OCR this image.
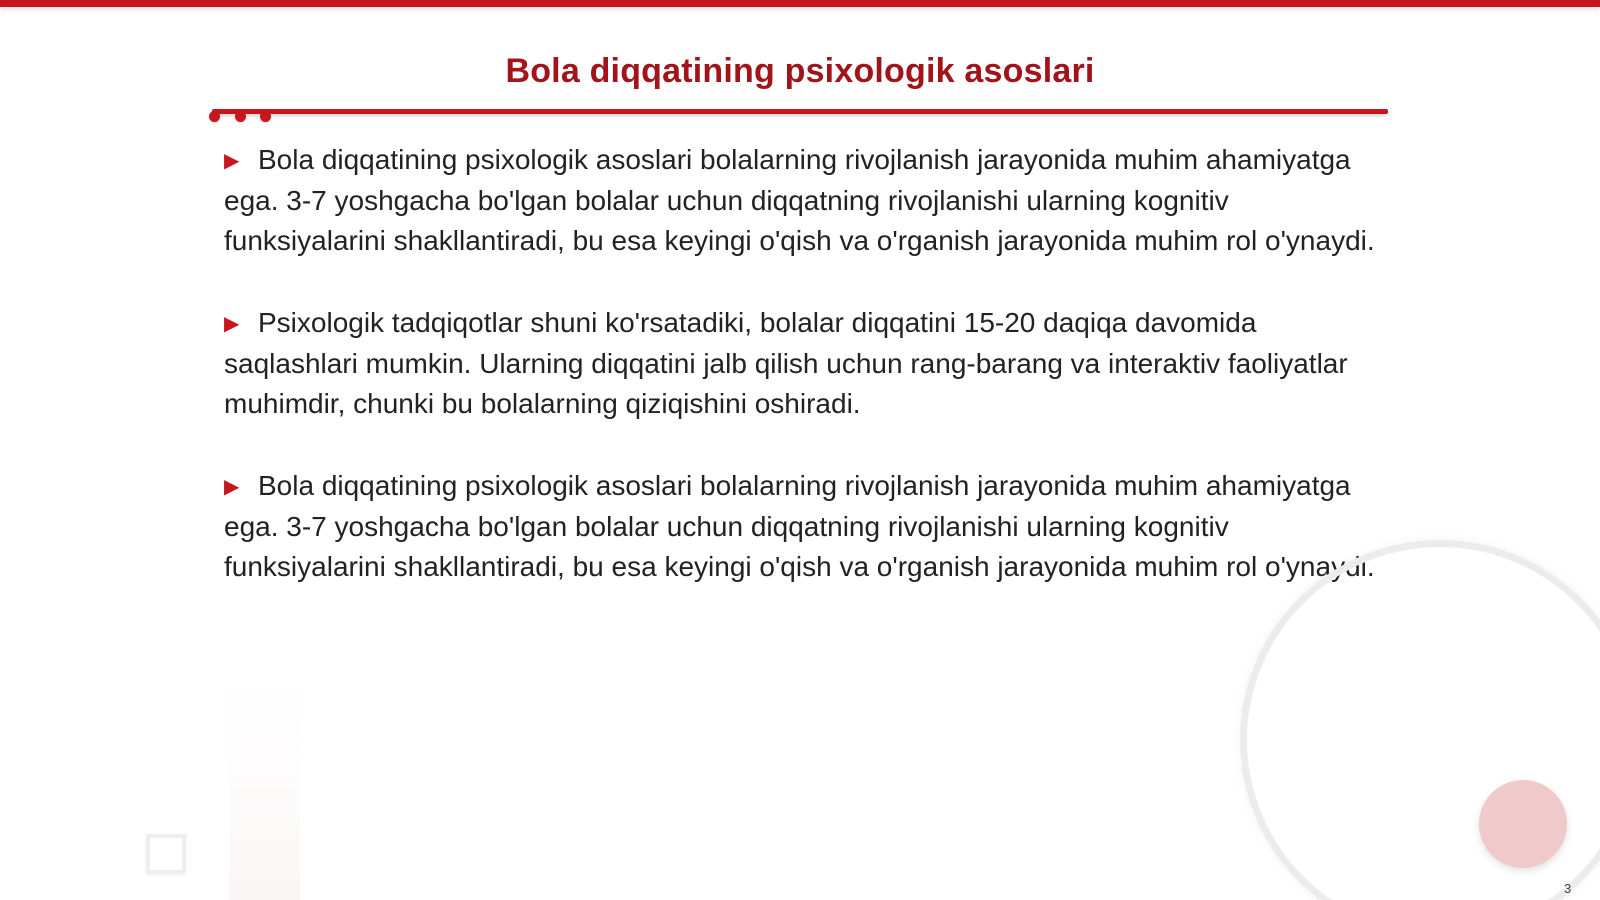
Bola diqqatining psixologik asoslari

▶ Bola diqqatining psixologik asoslari bolalarning rivojlanish jarayonida muhim ahamiyatga ega. 3-7 yoshgacha bo'lgan bolalar uchun diqqatning rivojlanishi ularning kognitiv funksiyalarini shakllantiradi, bu esa keyingi o'qish va o'rganish jarayonida muhim rol o'ynaydi.

▶ Psixologik tadqiqotlar shuni ko'rsatadiki, bolalar diqqatini 15-20 daqiqa davomida saqlashlari mumkin. Ularning diqqatini jalb qilish uchun rang-barang va interaktiv faoliyatlar muhimdir, chunki bu bolalarning qiziqishini oshiradi.

▶ Bola diqqatining psixologik asoslari bolalarning rivojlanish jarayonida muhim ahamiyatga ega. 3-7 yoshgacha bo'lgan bolalar uchun diqqatning rivojlanishi ularning kognitiv funksiyalarini shakllantiradi, bu esa keyingi o'qish va o'rganish jarayonida muhim rol o'ynaydi.

3
